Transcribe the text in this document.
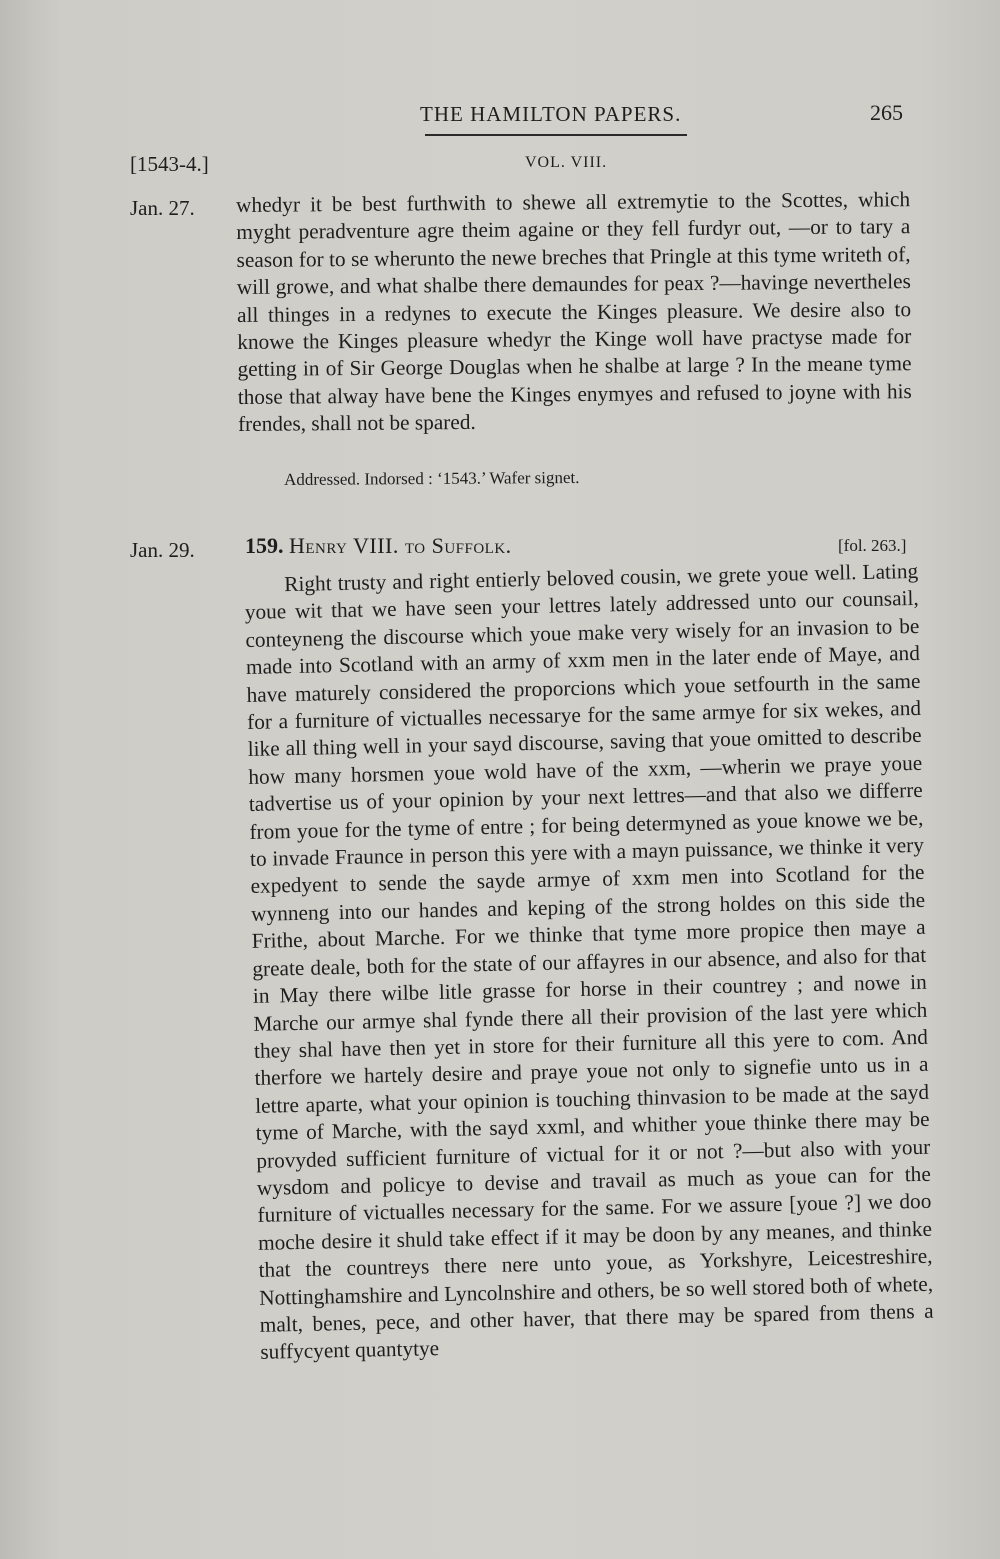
THE HAMILTON PAPERS.	265
[1543-4.]	VOL. VIII.
Jan. 27. whedyr it be best furthwith to shewe all extremytie to the Scottes, which myght peradventure agre theim againe or they fell furdyr out, —or to tary a season for to se wherunto the newe breches that Pringle at this tyme writeth of, will growe, and what shalbe there demaundes for peax ?—havinge nevertheles all thinges in a redynes to execute the Kinges pleasure. We desire also to knowe the Kinges pleasure whedyr the Kinge woll have practyse made for getting in of Sir George Douglas when he shalbe at large ? In the meane tyme those that alway have bene the Kinges enymyes and refused to joyne with his frendes, shall not be spared.

Addressed. Indorsed : ‘1543.’ Wafer signet.
Jan. 29. 159. Henry VIII. to Suffolk.	[fol. 263.]

Right trusty and right entierly beloved cousin, we grete youe well. Lating youe wit that we have seen your lettres lately addressed unto our counsail, conteyneng the discourse which youe make very wisely for an invasion to be made into Scotland with an army of xxm men in the later ende of Maye, and have maturely considered the proporcions which youe setfourth in the same for a furniture of victualles necessarye for the same armye for six wekes, and like all thing well in your sayd discourse, saving that youe omitted to describe how many horsmen youe wold have of the xxm, —wherin we praye youe tadvertise us of your opinion by your next lettres—and that also we differre from youe for the tyme of entre ; for being determyned as youe knowe we be, to invade Fraunce in person this yere with a mayn puissance, we thinke it very expedyent to sende the sayde armye of xxm men into Scotland for the wynneng into our handes and keping of the strong holdes on this side the Frithe, about Marche. For we thinke that tyme more propice then maye a greate deale, both for the state of our affayres in our absence, and also for that in May there wilbe litle grasse for horse in their countrey ; and nowe in Marche our armye shal fynde there all their provision of the last yere which they shal have then yet in store for their furniture all this yere to com. And therfore we hartely desire and praye youe not only to signefie unto us in a lettre aparte, what your opinion is touching thinvasion to be made at the sayd tyme of Marche, with the sayd xxml, and whither youe thinke there may be provyded sufficient furniture of victual for it or not ?—but also with your wysdom and policye to devise and travail as much as youe can for the furniture of victualles necessary for the same. For we assure [youe ?] we doo moche desire it shuld take effect if it may be doon by any meanes, and thinke that the countreys there nere unto youe, as Yorkshyre, Leicestreshire, Nottinghamshire and Lyncolnshire and others, be so well stored both of whete, malt, benes, pece, and other haver, that there may be spared from thens a suffycyent quantytye
